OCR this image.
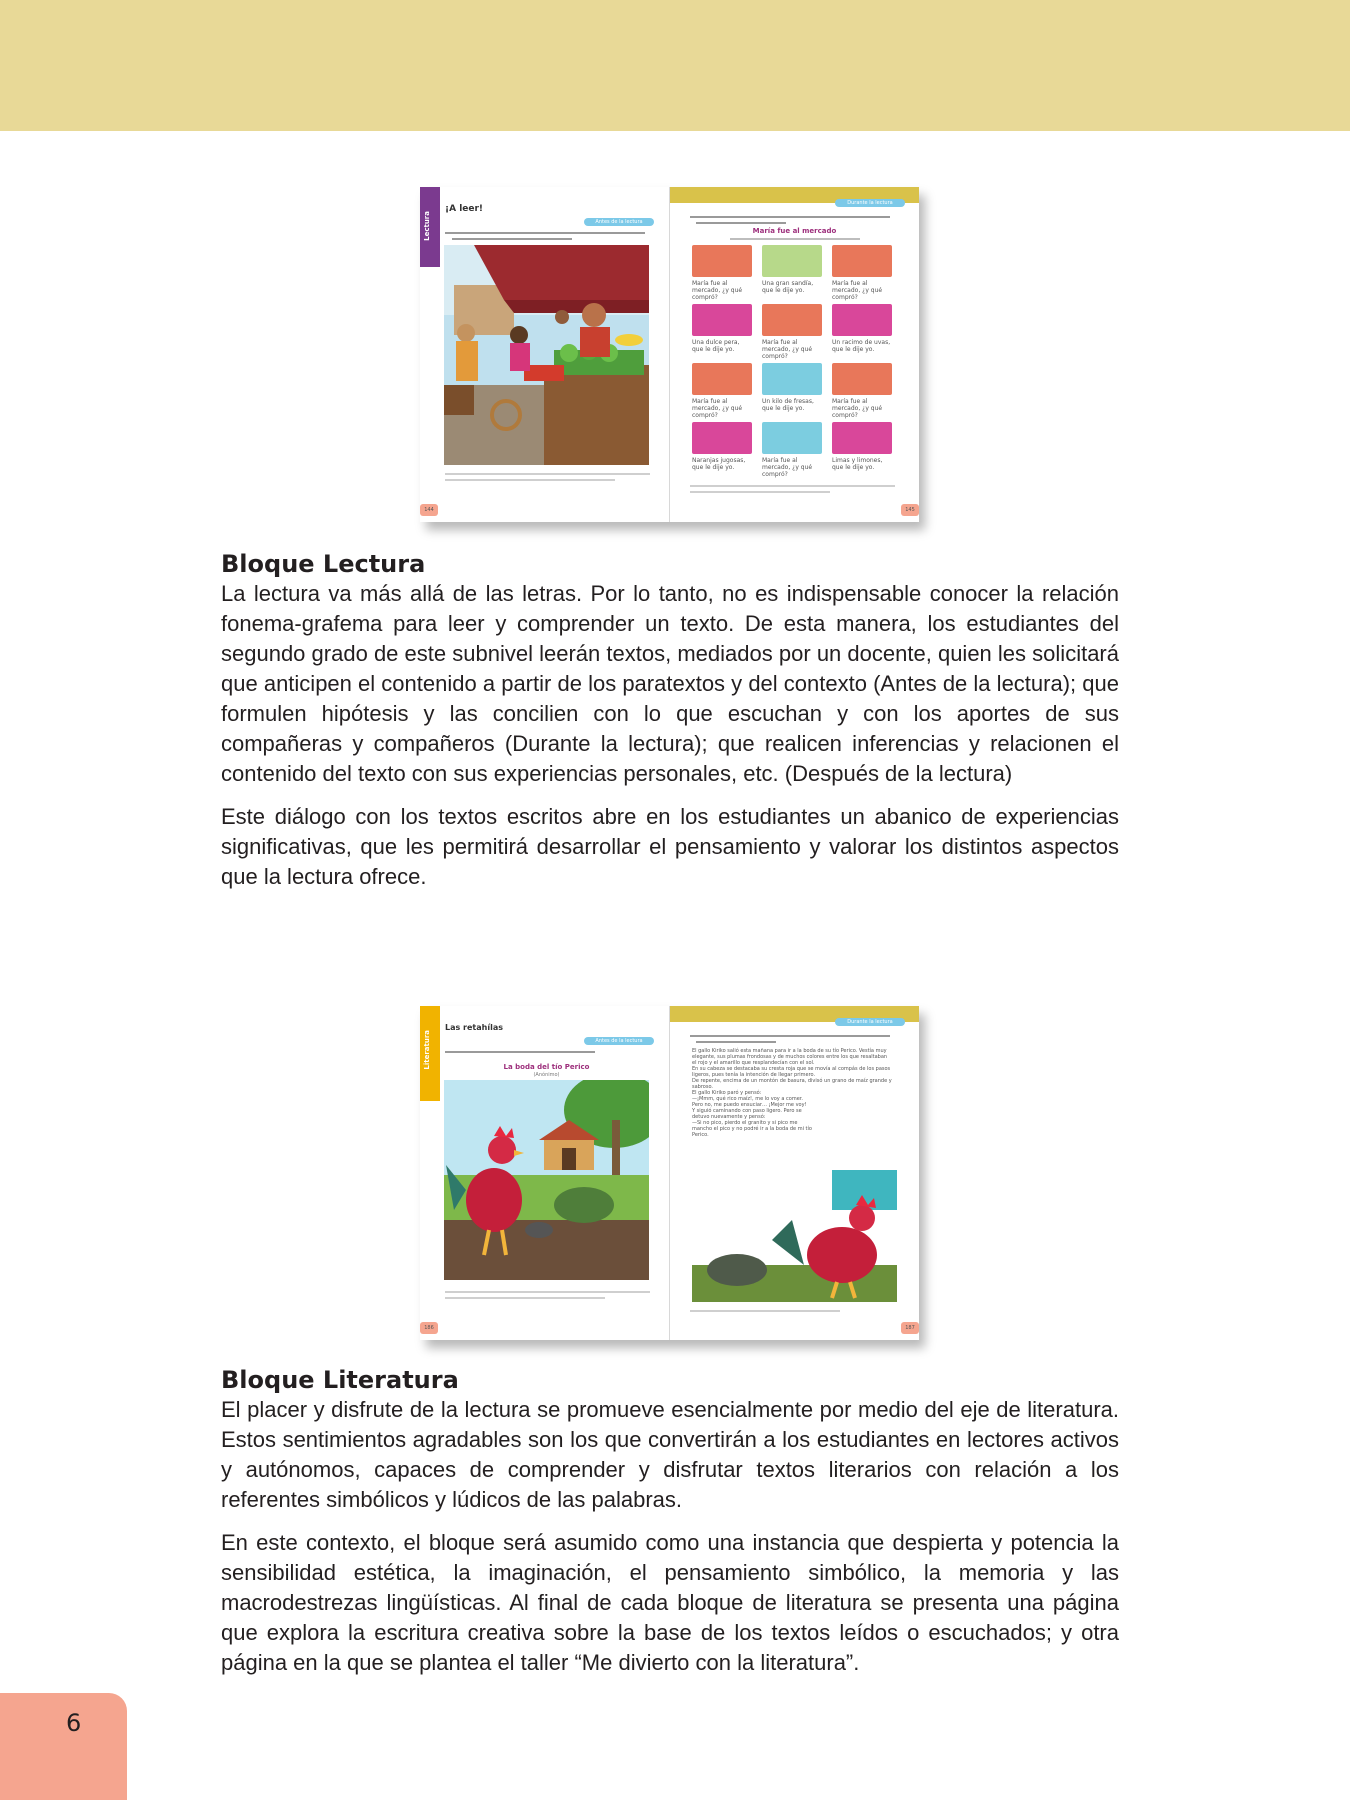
Lectura
¡A leer!
Antes de la lectura
144
Durante la lectura
María fue al mercado
María fue al mercado, ¿y qué compró?
Una gran sandía, que le dije yo.
María fue al mercado, ¿y qué compró?
Una dulce pera, que le dije yo.
María fue al mercado, ¿y qué compró?
Un racimo de uvas, que le dije yo.
María fue al mercado, ¿y qué compró?
Un kilo de fresas, que le dije yo.
María fue al mercado, ¿y qué compró?
Naranjas jugosas, que le dije yo.
María fue al mercado, ¿y qué compró?
Limas y limones, que le dije yo.
145
Bloque Lectura

La lectura va más allá de las letras. Por lo tanto, no es indispensable conocer la relación fonema-grafema para leer y comprender un texto. De esta manera, los estudiantes del segundo grado de este subnivel leerán textos, mediados por un docente, quien les solicitará que anticipen el contenido a partir de los paratextos y del contexto (Antes de la lectura); que formulen hipótesis y las concilien con lo que escuchan y con los aportes de sus compañeras y compañeros (Durante la lectura); que realicen inferencias y relacionen el contenido del texto con sus experiencias personales, etc. (Después de la lectura)

Este diálogo con los textos escritos abre en los estudiantes un abanico de experiencias significativas, que les permitirá desarrollar el pensamiento y valorar los distintos aspectos que la lectura ofrece.

Literatura
Las retahílas
Antes de la lectura
La boda del tío Perico
(Anónimo)
186
Durante la lectura
El gallo Kiriko salió esta mañana para ir a la boda de su tío Perico. Vestía muy elegante, sus plumas frondosas y de muchos colores entre los que resaltaban el rojo y el amarillo que resplandecían con el sol.
En su cabeza se destacaba su cresta roja que se movía al compás de los pasos ligeros, pues tenía la intención de llegar primero.
De repente, encima de un montón de basura, divisó un grano de maíz grande y sabroso.
El gallo Kiriko paró y pensó:
—¡Mmm, qué rico maíz!, me lo voy a comer. Pero no, me puedo ensuciar… ¡Mejor me voy!
Y siguió caminando con paso ligero. Pero se detuvo nuevamente y pensó:
—Si no pico, pierdo el granito y si pico me mancho el pico y no podré ir a la boda de mi tío Perico.
187
Bloque Literatura

El placer y disfrute de la lectura se promueve esencialmente por medio del eje de literatura. Estos sentimientos agradables son los que convertirán a los estudiantes en lectores activos y autónomos, capaces de comprender y disfrutar textos literarios con relación a los referentes simbólicos y lúdicos de las palabras.

En este contexto, el bloque será asumido como una instancia que despierta y potencia la sensibilidad estética, la imaginación, el pensamiento simbólico, la memoria y las macrodestrezas lingüísticas. Al final de cada bloque de literatura se presenta una página que explora la escritura creativa sobre la base de los textos leídos o escuchados; y otra página en la que se plantea el taller “Me divierto con la literatura”.

6
